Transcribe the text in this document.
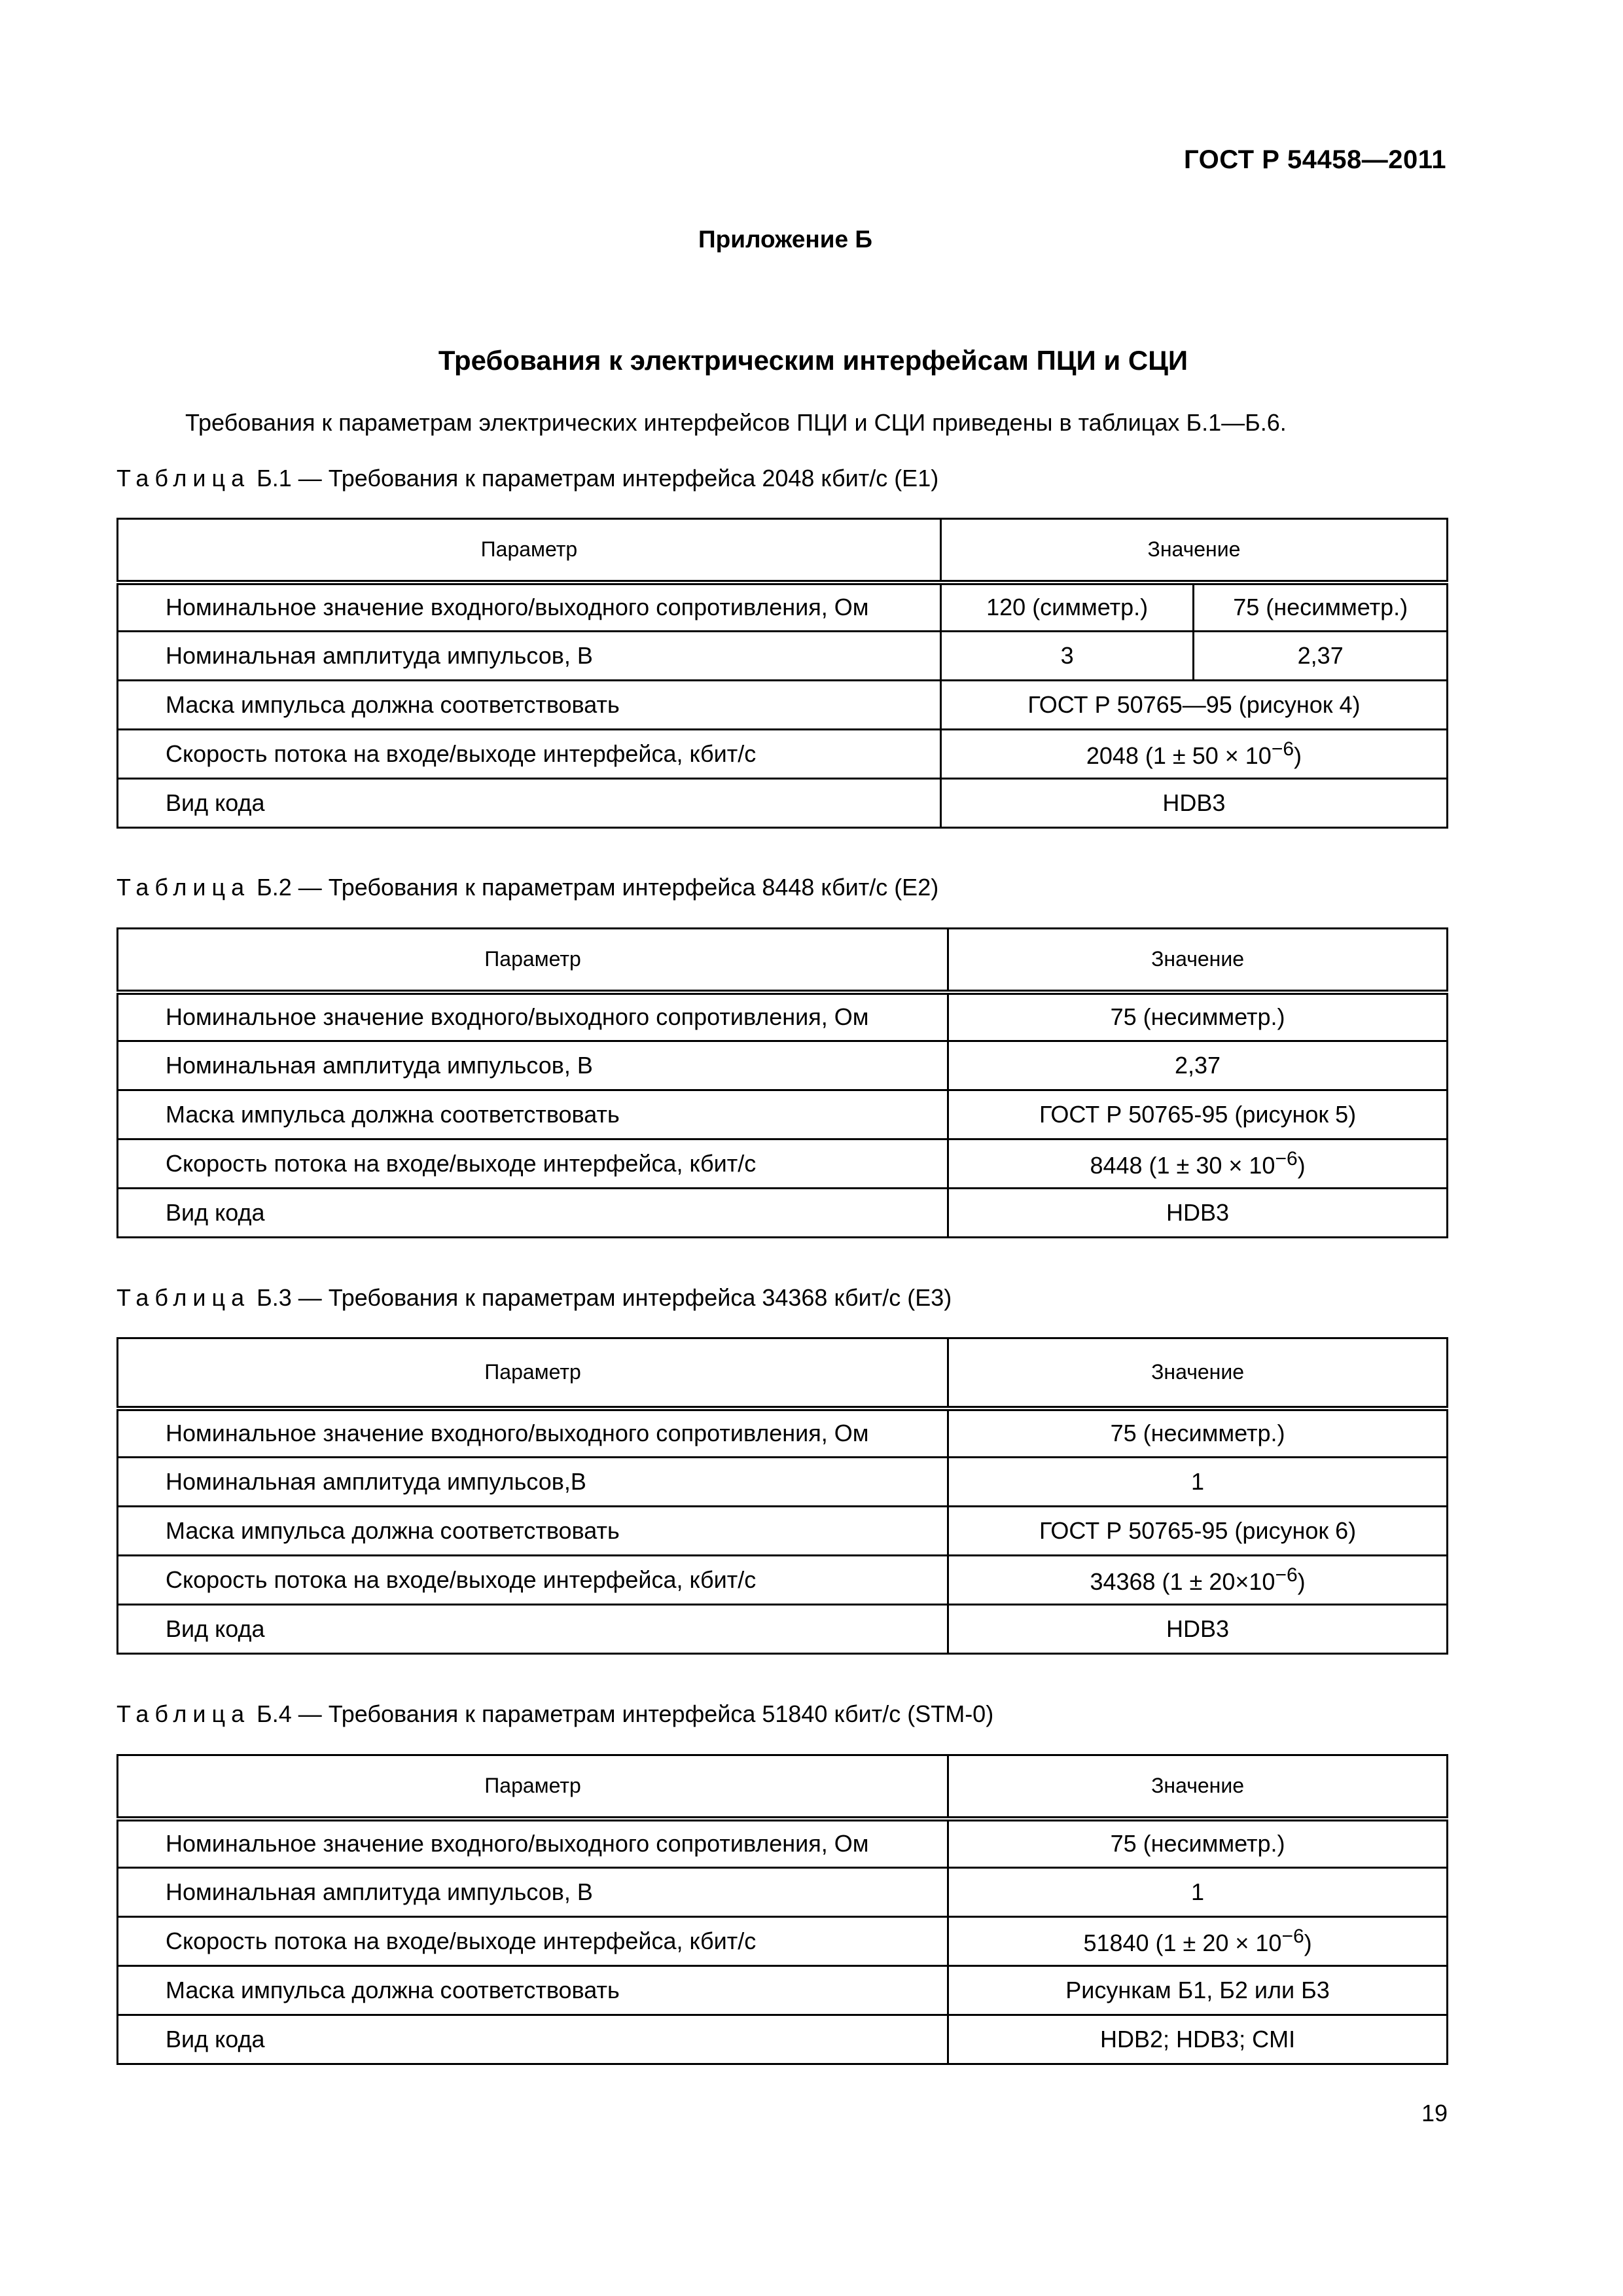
ГОСТ Р 54458—2011
Приложение Б
Требования к электрическим интерфейсам ПЦИ и СЦИ
Требования к параметрам электрических интерфейсов ПЦИ и СЦИ приведены в таблицах Б.1—Б.6.
Таблица Б.1 — Требования к параметрам интерфейса 2048 кбит/с (E1)
Параметр	Значение	
Номинальное значение входного/выходного сопротивления, Ом	120 (симметр.)	75 (несимметр.)
Номинальная амплитуда импульсов, В	3	2,37
Маска импульса должна соответствовать	ГОСТ Р 50765—95 (рисунок 4)	
Скорость потока на входе/выходе интерфейса, кбит/с	2048 $(1 \pm 50 \times 10^{-6})$	
Вид кода	HDB3	
Таблица Б.2 — Требования к параметрам интерфейса 8448 кбит/с (E2)
Параметр	Значение
Номинальное значение входного/выходного сопротивления, Ом	75 (несимметр.)
Номинальная амплитуда импульсов, В	2,37
Маска импульса должна соответствовать	ГОСТ Р 50765-95 (рисунок 5)
Скорость потока на входе/выходе интерфейса, кбит/с	8448 $(1 \pm 30 \times 10^{-6})$
Вид кода	HDB3
Таблица Б.3 — Требования к параметрам интерфейса 34368 кбит/с (E3)
Параметр	Значение
Номинальное значение входного/выходного сопротивления, Ом	75 (несимметр.)
Номинальная амплитуда импульсов,В	1
Маска импульса должна соответствовать	ГОСТ Р 50765-95 (рисунок 6)
Скорость потока на входе/выходе интерфейса, кбит/с	34368 $(1 \pm 20\times 10^{-6})$
Вид кода	HDB3
Таблица Б.4 — Требования к параметрам интерфейса 51840 кбит/с (STM-0)
Параметр	Значение
Номинальное значение входного/выходного сопротивления, Ом	75 (несимметр.)
Номинальная амплитуда импульсов, В	1
Скорость потока на входе/выходе интерфейса, кбит/с	51840 $(1 \pm 20 \times 10^{-6})$
Маска импульса должна соответствовать	Рисункам Б1, Б2 или Б3
Вид кода	HDB2; HDB3; CMI
19
